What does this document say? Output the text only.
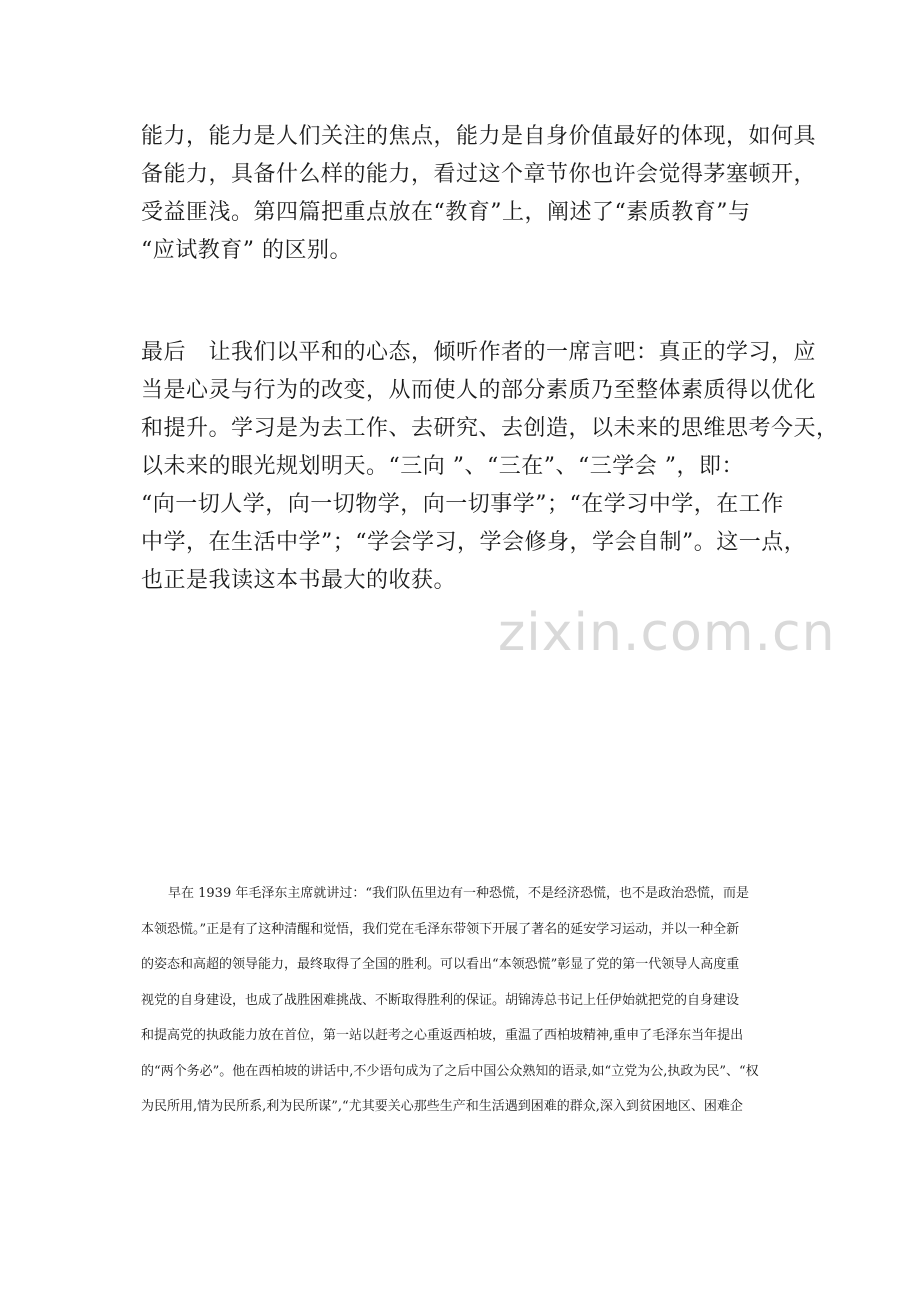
能力，能力是人们关注的焦点，能力是自身价值最好的体现，如何具
备能力，具备什么样的能力，看过这个章节你也许会觉得茅塞顿开，
受益匪浅。第四篇把重点放在“教育”上，阐述了“素质教育”与
“应试教育” 的区别。

最后　让我们以平和的心态，倾听作者的一席言吧：真正的学习，应
当是心灵与行为的改变，从而使人的部分素质乃至整体素质得以优化
和提升。学习是为去工作、去研究、去创造，以未来的思维思考今天，
以未来的眼光规划明天。“三向 ”、“三在”、“三学会 ”，即：
“向一切人学，向一切物学，向一切事学”；“在学习中学，在工作
中学，在生活中学”；“学会学习，学会修身，学会自制”。这一点，
也正是我读这本书最大的收获。

zixin.com.cn

早在 1939 年毛泽东主席就讲过：“我们队伍里边有一种恐慌，不是经济恐慌，也不是政治恐慌，而是
本领恐慌。”正是有了这种清醒和觉悟，我们党在毛泽东带领下开展了著名的延安学习运动，并以一种全新
的姿态和高超的领导能力，最终取得了全国的胜利。可以看出“本领恐慌”彰显了党的第一代领导人高度重
视党的自身建设，也成了战胜困难挑战、不断取得胜利的保证。胡锦涛总书记上任伊始就把党的自身建设
和提高党的执政能力放在首位，第一站以赶考之心重返西柏坡，重温了西柏坡精神,重申了毛泽东当年提出
的“两个务必”。他在西柏坡的讲话中,不少语句成为了之后中国公众熟知的语录,如“立党为公,执政为民”、“权
为民所用,情为民所系,利为民所谋”,“尤其要关心那些生产和生活遇到困难的群众,深入到贫困地区、困难企
